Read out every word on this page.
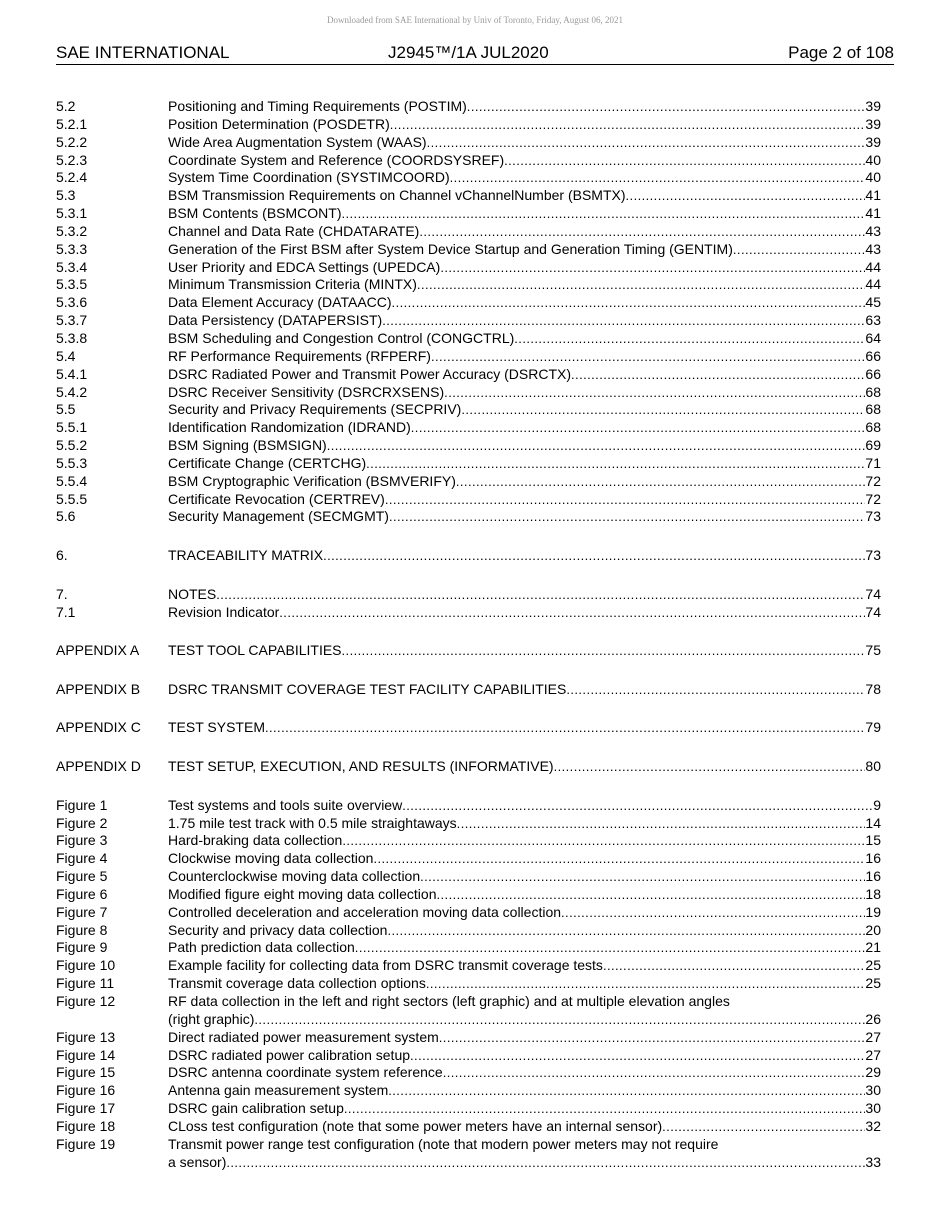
Downloaded from SAE International by Univ of Toronto, Friday, August 06, 2021
SAE INTERNATIONAL	J2945™/1A JUL2020	Page 2 of 108
5.2	Positioning and Timing Requirements (POSTIM) . . .	39
5.2.1	Position Determination (POSDETR) . . .	39
5.2.2	Wide Area Augmentation System (WAAS) . . .	39
5.2.3	Coordinate System and Reference (COORDSYSREF) . . .	40
5.2.4	System Time Coordination (SYSTIMCOORD) . . .	40
5.3	BSM Transmission Requirements on Channel vChannelNumber (BSMTX) . . .	41
5.3.1	BSM Contents (BSMCONT) . . .	41
5.3.2	Channel and Data Rate (CHDATARATE) . . .	43
5.3.3	Generation of the First BSM after System Device Startup and Generation Timing (GENTIM) . . .	43
5.3.4	User Priority and EDCA Settings (UPEDCA) . . .	44
5.3.5	Minimum Transmission Criteria (MINTX) . . .	44
5.3.6	Data Element Accuracy (DATAACC) . . .	45
5.3.7	Data Persistency (DATAPERSIST) . . .	63
5.3.8	BSM Scheduling and Congestion Control (CONGCTRL) . . .	64
5.4	RF Performance Requirements (RFPERF) . . .	66
5.4.1	DSRC Radiated Power and Transmit Power Accuracy (DSRCTX) . . .	66
5.4.2	DSRC Receiver Sensitivity (DSRCRXSENS) . . .	68
5.5	Security and Privacy Requirements (SECPRIV) . . .	68
5.5.1	Identification Randomization (IDRAND) . . .	68
5.5.2	BSM Signing (BSMSIGN) . . .	69
5.5.3	Certificate Change (CERTCHG) . . .	71
5.5.4	BSM Cryptographic Verification (BSMVERIFY) . . .	72
5.5.5	Certificate Revocation (CERTREV) . . .	72
5.6	Security Management (SECMGMT) . . .	73
6.	TRACEABILITY MATRIX . . .	73
7.	NOTES . . .	74
7.1	Revision Indicator . . .	74
APPENDIX A TEST TOOL CAPABILITIES . . .	75
APPENDIX B DSRC TRANSMIT COVERAGE TEST FACILITY CAPABILITIES . . .	78
APPENDIX C TEST SYSTEM . . .	79
APPENDIX D TEST SETUP, EXECUTION, AND RESULTS (INFORMATIVE) . . .	80
Figure 1	Test systems and tools suite overview . . .	9
Figure 2	1.75 mile test track with 0.5 mile straightaways . . .	14
Figure 3	Hard-braking data collection . . .	15
Figure 4	Clockwise moving data collection . . .	16
Figure 5	Counterclockwise moving data collection . . .	16
Figure 6	Modified figure eight moving data collection . . .	18
Figure 7	Controlled deceleration and acceleration moving data collection . . .	19
Figure 8	Security and privacy data collection . . .	20
Figure 9	Path prediction data collection . . .	21
Figure 10	Example facility for collecting data from DSRC transmit coverage tests . . .	25
Figure 11	Transmit coverage data collection options . . .	25
Figure 12	RF data collection in the left and right sectors (left graphic) and at multiple elevation angles
(right graphic) . . .	26
Figure 13	Direct radiated power measurement system . . .	27
Figure 14	DSRC radiated power calibration setup . . .	27
Figure 15	DSRC antenna coordinate system reference . . .	29
Figure 16	Antenna gain measurement system . . .	30
Figure 17	DSRC gain calibration setup . . .	30
Figure 18	CLoss test configuration (note that some power meters have an internal sensor) . . .	32
Figure 19	Transmit power range test configuration (note that modern power meters may not require
a sensor) . . .	33
